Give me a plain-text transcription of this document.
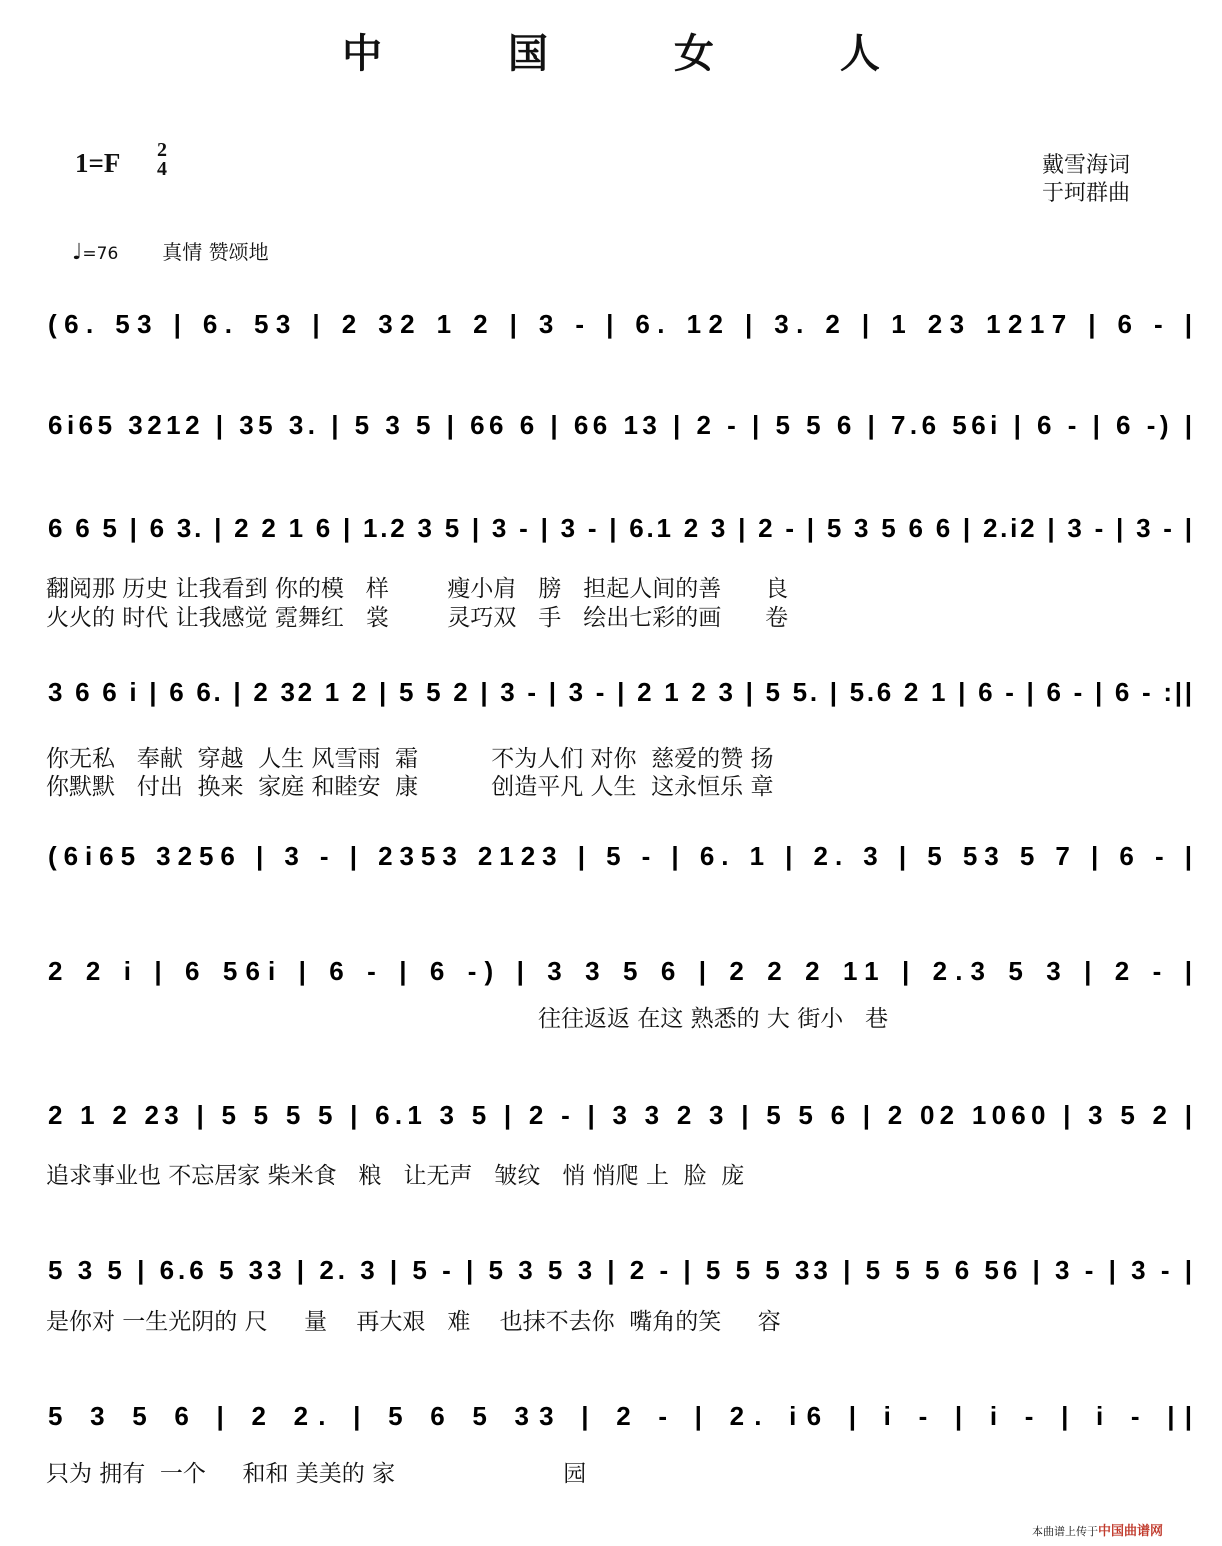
中 国 女 人
1=F 2
4	戴雪海词
于珂群曲
♩=76 真情 赞颂地
(6. 53 | 6. 53 | 2 32 1 2 | 3 - | 6. 12 | 3. 2 | 1 23 1217 | 6 - |
6i65 3212 | 35 3. | 5 3 5 | 66 6 | 66 13 | 2 - | 5 5 6 | 7.6 56i | 6 - | 6 -) |
6 6 5 | 6 3. | 2 2 1 6 | 1.2 3 5 | 3 - | 3 - | 6.1 2 3 | 2 - | 5 3 5 6 6 | 2.i2 | 3 - | 3 - |
3 6 6 i | 6 6. | 2 32 1 2 | 5 5 2 | 3 - | 3 - | 2 1 2 3 | 5 5. | 5.6 2 1 | 6 - | 6 - | 6 - :||
(6i65 3256 | 3 - | 2353 2123 | 5 - | 6. 1 | 2. 3 | 5 53 5 7 | 6 - |
2 2 i | 6 56i | 6 - | 6 -) | 3 3 5 6 | 2 2 2 11 | 2.3 5 3 | 2 - |
2 1 2 23 | 5 5 5 5 | 6.1 3 5 | 2 - | 3 3 2 3 | 5 5 6 | 2 02 1060 | 3 5 2 |
5 3 5 | 6.6 5 33 | 2. 3 | 5 - | 5 3 5 3 | 2 - | 5 5 5 33 | 5 5 5 6 56 | 3 - | 3 - |
5 3 5 6 | 2 2. | 5 6 5 33 | 2 - | 2. i6 | i - | i - | i - ||
翻阅那 历史 让我看到 你的模   样        瘦小肩   膀   担起人间的善      良
火火的 时代 让我感觉 霓舞红   裳        灵巧双   手   绘出七彩的画      卷
你无私   奉献  穿越  人生 风雪雨  霜          不为人们 对你  慈爱的赞 扬
你默默   付出  换来  家庭 和睦安  康          创造平凡 人生  这永恒乐 章
往往返返 在这 熟悉的 大 街小   巷
追求事业也 不忘居家 柴米食   粮   让无声   皱纹   悄 悄爬 上  脸  庞
是你对 一生光阴的 尺     量    再大艰   难    也抹不去你  嘴角的笑     容
只为 拥有  一个     和和 美美的 家                       园
本曲谱上传于中国曲谱网
